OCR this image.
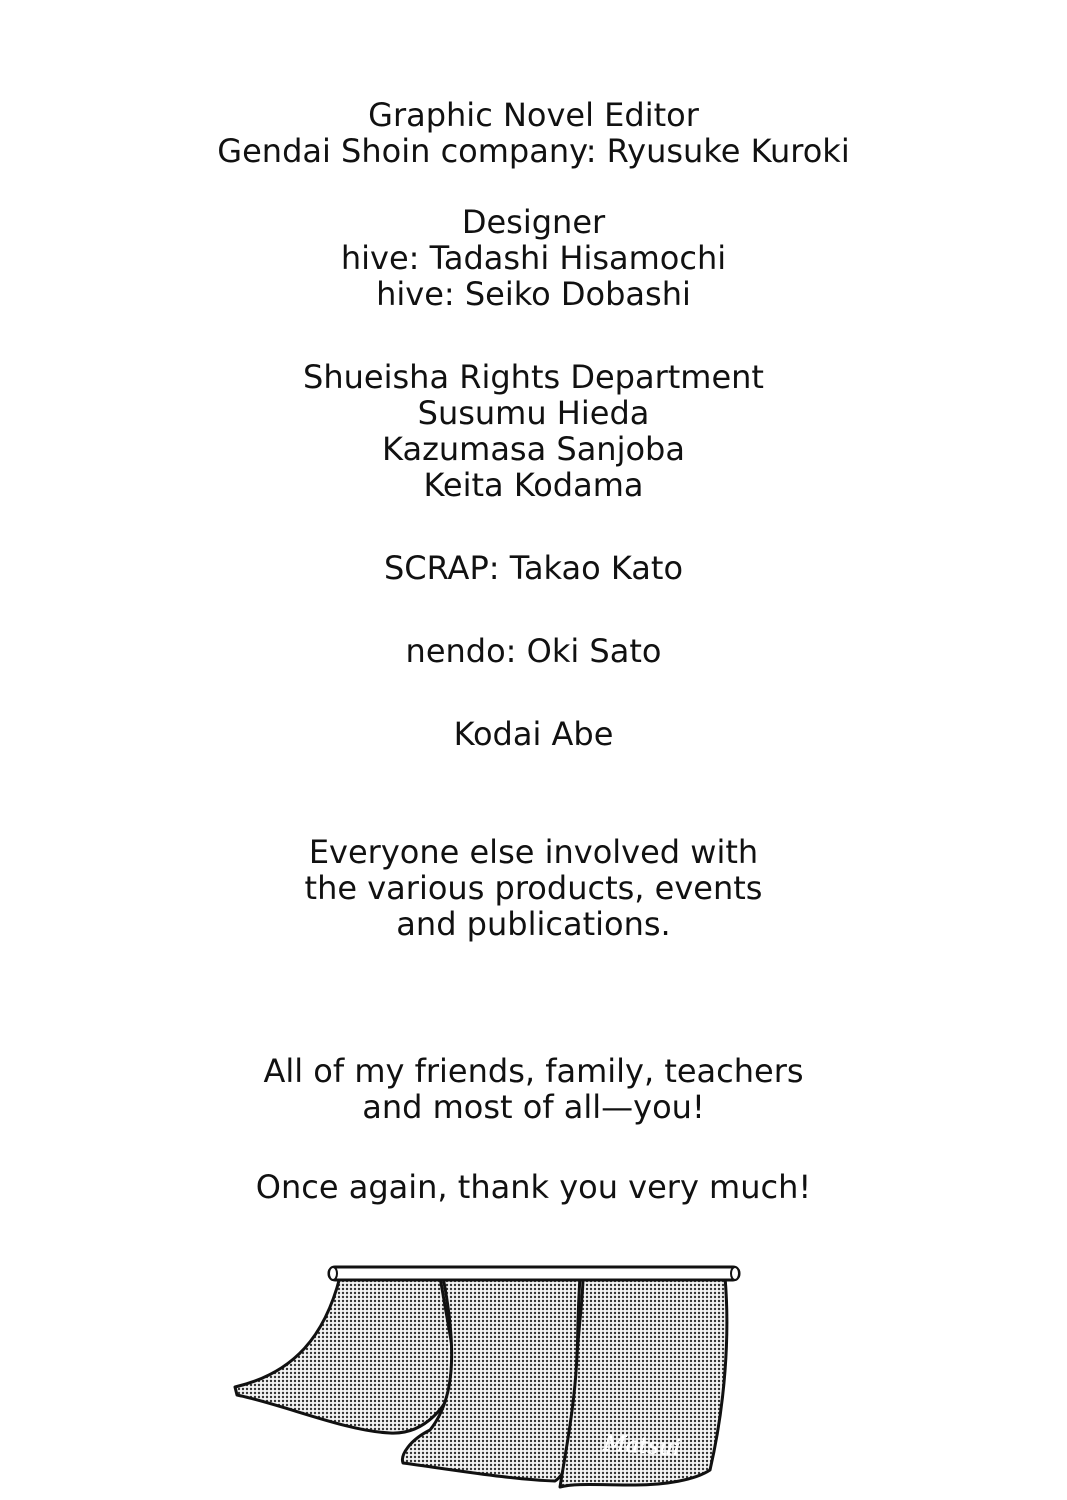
Graphic Novel Editor
Gendai Shoin company: Ryusuke Kuroki
Designer
hive: Tadashi Hisamochi
hive: Seiko Dobashi
Shueisha Rights Department
Susumu Hieda
Kazumasa Sanjoba
Keita Kodama
SCRAP: Takao Kato
nendo: Oki Sato
Kodai Abe
Everyone else involved with
the various products, events
and publications.
All of my friends, family, teachers
and most of all—you!
Once again, thank you very much!
Matsui
